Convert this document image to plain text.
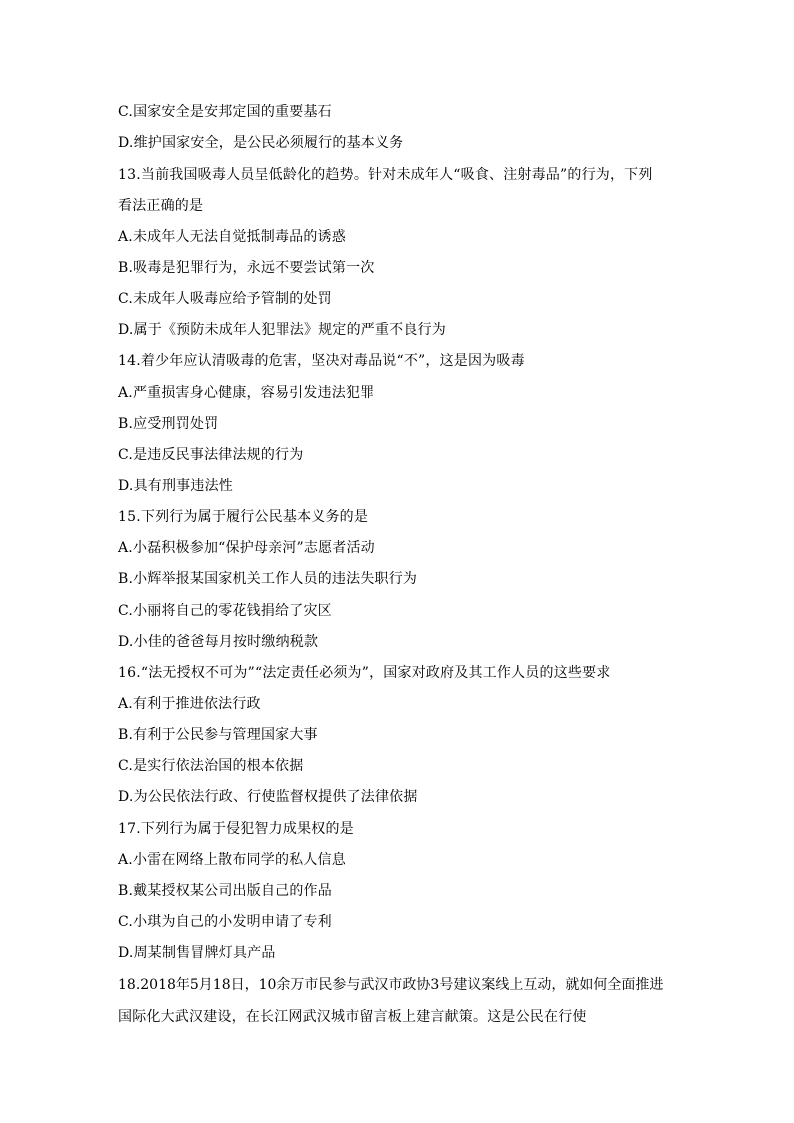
C.国家安全是安邦定国的重要基石
D.维护国家安全，是公民必须履行的基本义务
13.当前我国吸毒人员呈低龄化的趋势。针对未成年人“吸食、注射毒品”的行为，下列
看法正确的是
A.未成年人无法自觉抵制毒品的诱惑
B.吸毒是犯罪行为，永远不要尝试第一次
C.未成年人吸毒应给予管制的处罚
D.属于《预防未成年人犯罪法》规定的严重不良行为
14.着少年应认清吸毒的危害，坚决对毒品说“不”，这是因为吸毒
A.严重损害身心健康，容易引发违法犯罪
B.应受刑罚处罚
C.是违反民事法律法规的行为
D.具有刑事违法性
15.下列行为属于履行公民基本义务的是
A.小磊积极参加“保护母亲河”志愿者活动
B.小辉举报某国家机关工作人员的违法失职行为
C.小丽将自己的零花钱捐给了灾区
D.小佳的爸爸每月按时缴纳税款
16.“法无授权不可为”“法定责任必须为”，国家对政府及其工作人员的这些要求
A.有利于推进依法行政
B.有利于公民参与管理国家大事
C.是实行依法治国的根本依据
D.为公民依法行政、行使监督权提供了法律依据
17.下列行为属于侵犯智力成果权的是
A.小雷在网络上散布同学的私人信息
B.戴某授权某公司出版自己的作品
C.小琪为自己的小发明申请了专利
D.周某制售冒牌灯具产品
18.2018年5月18日，10余万市民参与武汉市政协3号建议案线上互动，就如何全面推进
国际化大武汉建设，在长江网武汉城市留言板上建言献策。这是公民在行使
